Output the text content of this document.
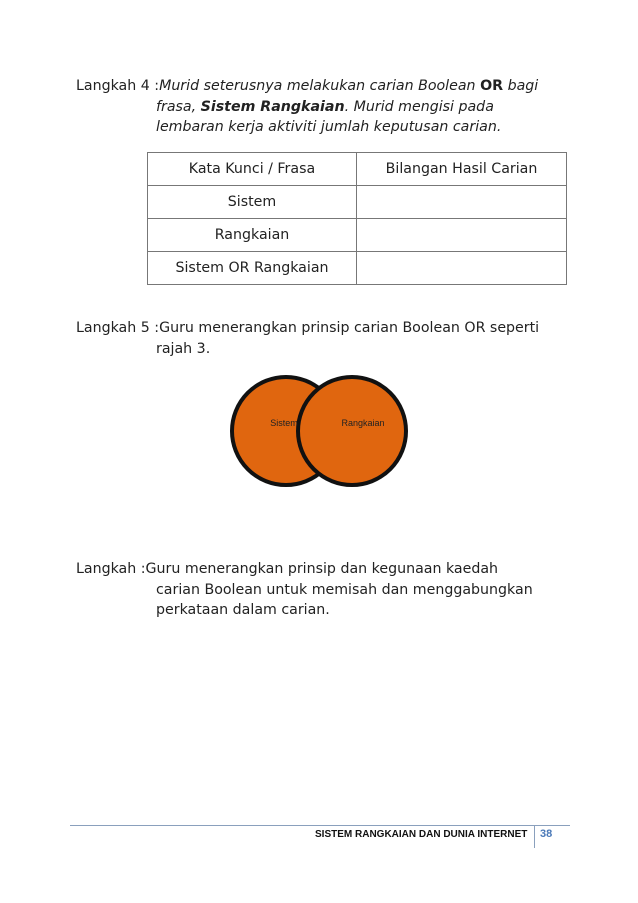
Langkah 4 :Murid seterusnya melakukan carian Boolean OR bagi
frasa, Sistem Rangkaian. Murid mengisi pada
lembaran kerja aktiviti jumlah keputusan carian.
Kata Kunci / Frasa	Bilangan Hasil Carian
Sistem	
Rangkaian	
Sistem OR Rangkaian	
Langkah 5 :Guru menerangkan prinsip carian Boolean OR seperti
rajah 3.
Sistem	Rangkaian
Langkah :Guru menerangkan prinsip dan kegunaan kaedah
carian Boolean untuk memisah dan menggabungkan
perkataan dalam carian.
SISTEM RANGKAIAN DAN DUNIA INTERNET 38
